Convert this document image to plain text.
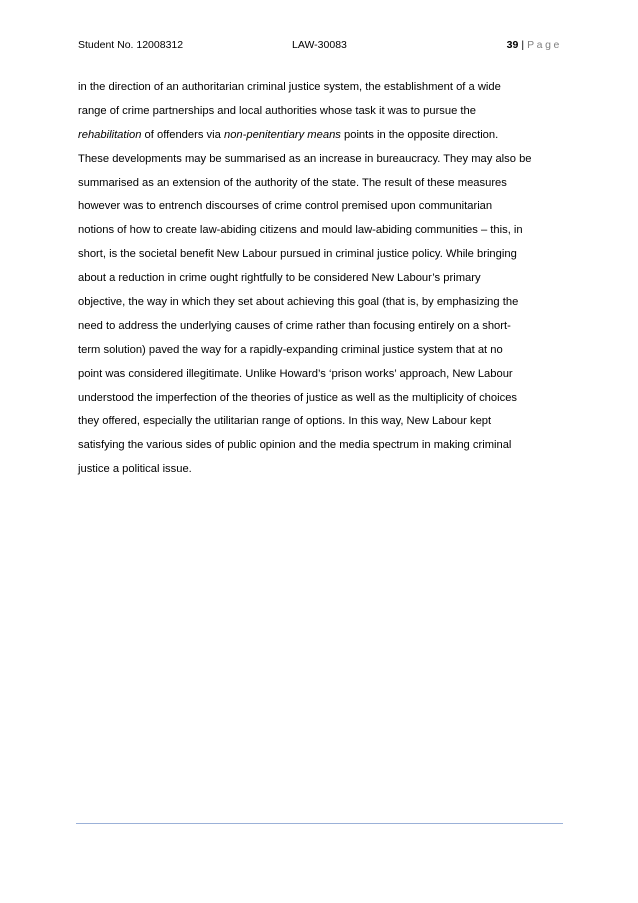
Student No. 12008312	LAW-30083	39 | Page
in the direction of an authoritarian criminal justice system, the establishment of a wide
range of crime partnerships and local authorities whose task it was to pursue the
rehabilitation of offenders via non-penitentiary means points in the opposite direction.
These developments may be summarised as an increase in bureaucracy. They may also be
summarised as an extension of the authority of the state. The result of these measures
however was to entrench discourses of crime control premised upon communitarian
notions of how to create law-abiding citizens and mould law-abiding communities – this, in
short, is the societal benefit New Labour pursued in criminal justice policy. While bringing
about a reduction in crime ought rightfully to be considered New Labour’s primary
objective, the way in which they set about achieving this goal (that is, by emphasizing the
need to address the underlying causes of crime rather than focusing entirely on a short-
term solution) paved the way for a rapidly-expanding criminal justice system that at no
point was considered illegitimate. Unlike Howard’s ‘prison works’ approach, New Labour
understood the imperfection of the theories of justice as well as the multiplicity of choices
they offered, especially the utilitarian range of options. In this way, New Labour kept
satisfying the various sides of public opinion and the media spectrum in making criminal
justice a political issue.
